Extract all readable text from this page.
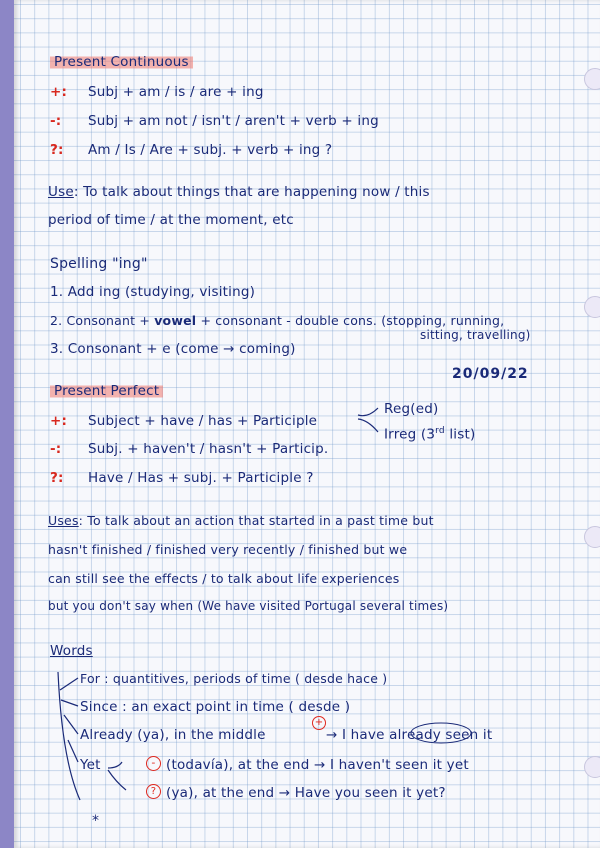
Present Continuous
+: Subj + am / is / are + ing
-: Subj + am not / isn't / aren't + verb + ing
?: Am / Is / Are + subj. + verb + ing ?
Use: To talk about things that are happening now / this
period of time / at the moment, etc
Spelling "ing"
1. Add ing (studying, visiting)
2. Consonant + vowel + consonant - double cons. (stopping, running,
sitting, travelling)
3. Consonant + e (come → coming)
20/09/22
Present Perfect
+: Subject + have / has + Participle
Reg(ed)
Irreg (3rd list)
-: Subj. + haven't / hasn't + Particip.
?: Have / Has + subj. + Participle ?
Uses: To talk about an action that started in a past time but
hasn't finished / finished very recently / finished but we
can still see the effects / to talk about life experiences
but you don't say when (We have visited Portugal several times)
Words
For : quantitives, periods of time ( desde hace )
Since : an exact point in time ( desde )
Already (ya), in the middle
+
→ I have already seen it
Yet	- (todavía), at the end → I haven't seen it yet
? (ya), at the end → Have you seen it yet?
*
